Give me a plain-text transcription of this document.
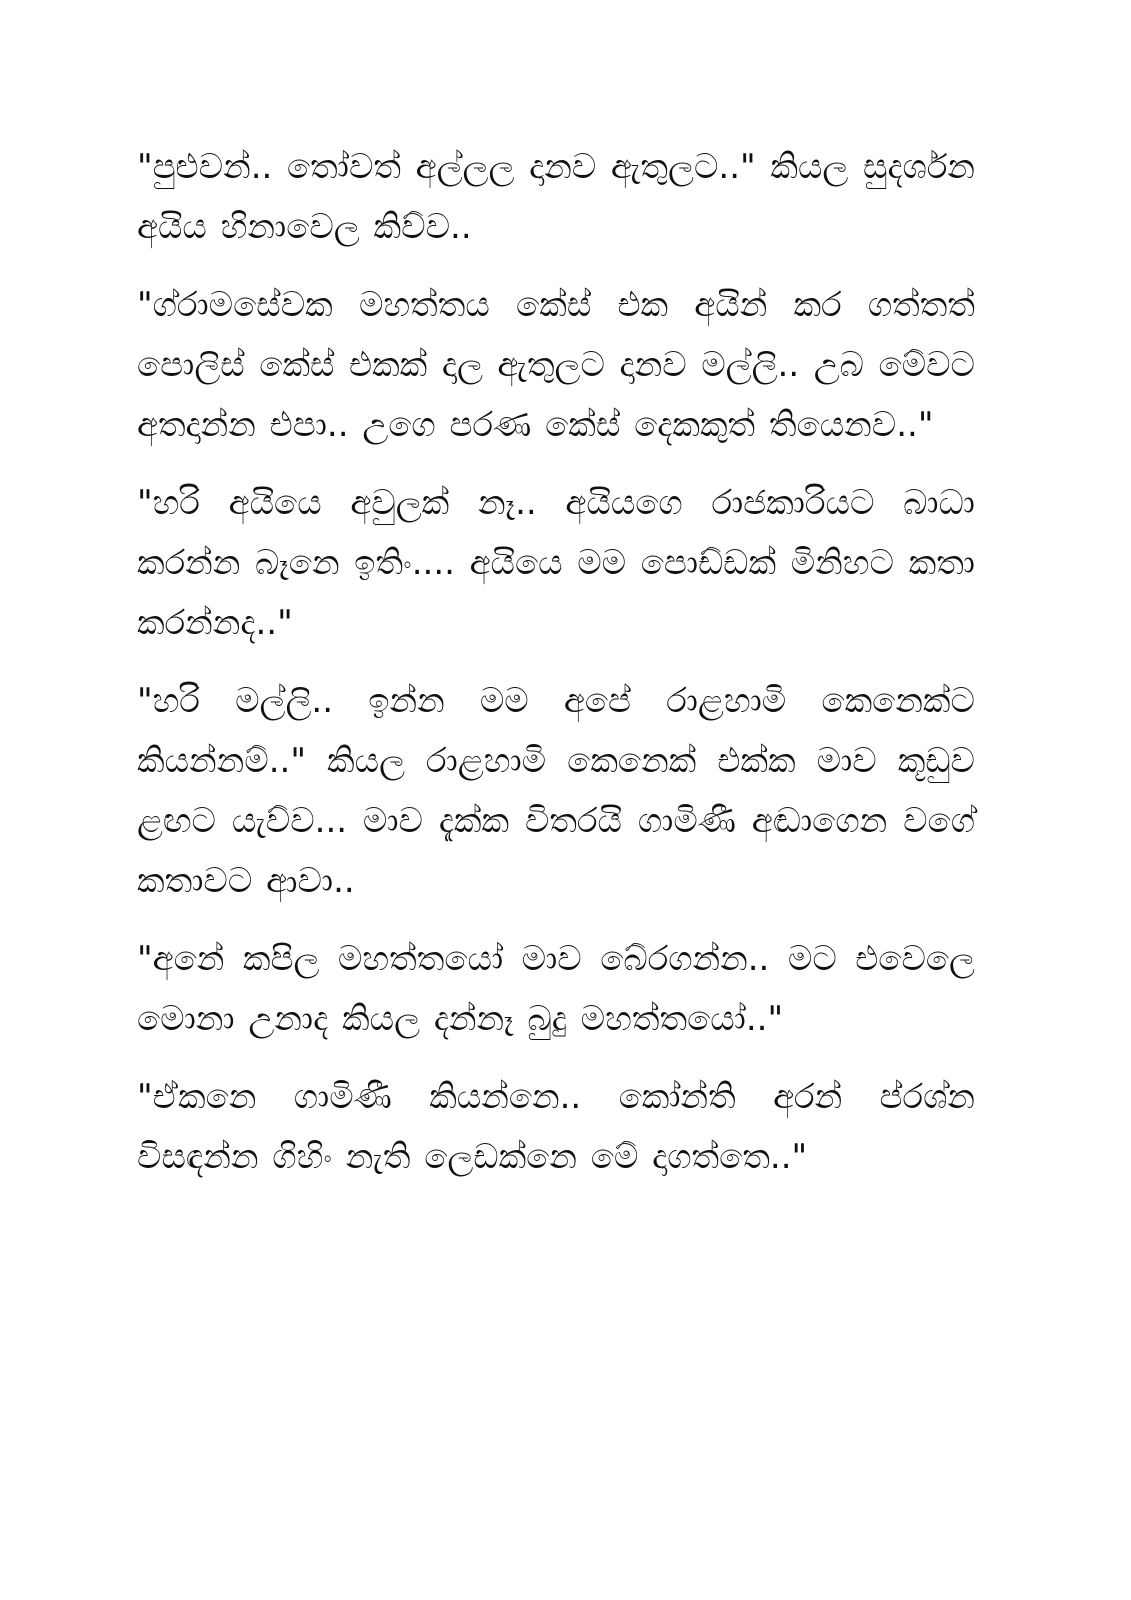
"පුළුවන්.. තෝවත් අල්ලල දානව ඇතුලට.." කියල සුදර්ශන අයිය හිනාවෙල කිව්ව..

"ග්රාමසේවක මහත්තය කේස් එක අයින් කර ගත්තත් පොලිස් කේස් එකක් දාල ඇතුලට දානව මල්ලි.. උබ මේවට අතදාන්න එපා.. උගෙ පරණ කේස් දෙකකුත් තියෙනව.."

"හරි අයියෙ අවුලක් නෑ.. අයියගෙ රාජකාරියට බාධා කරන්න බෑනෙ ඉතිං.... අයියෙ මම පොඩ්ඩක් මිනිහට කතා කරන්නද.."

"හරි මල්ලි.. ඉන්න මම අපේ රාළහාමි කෙනෙක්ට කියන්නම්.." කියල රාළහාමි කෙනෙක් එක්ක මාව කූඩුව ළඟට යැව්ව... මාව දැක්ක විතරයි ගාමිණී අඬාගෙන වගේ කතාවට ආවා..

"අනේ කපිල මහත්තයෝ මාව බේරගන්න.. මට එවෙලෙ මොනා උනාද කියල දන්නෑ බුදු මහත්තයෝ.."

"ඒකනෙ ගාමිණී කියන්නෙ.. කෝන්ති අරන් ප්රශ්න විසඳන්න ගිහිං නැති ලෙඩක්නෙ මේ දාගත්තෙ.."
